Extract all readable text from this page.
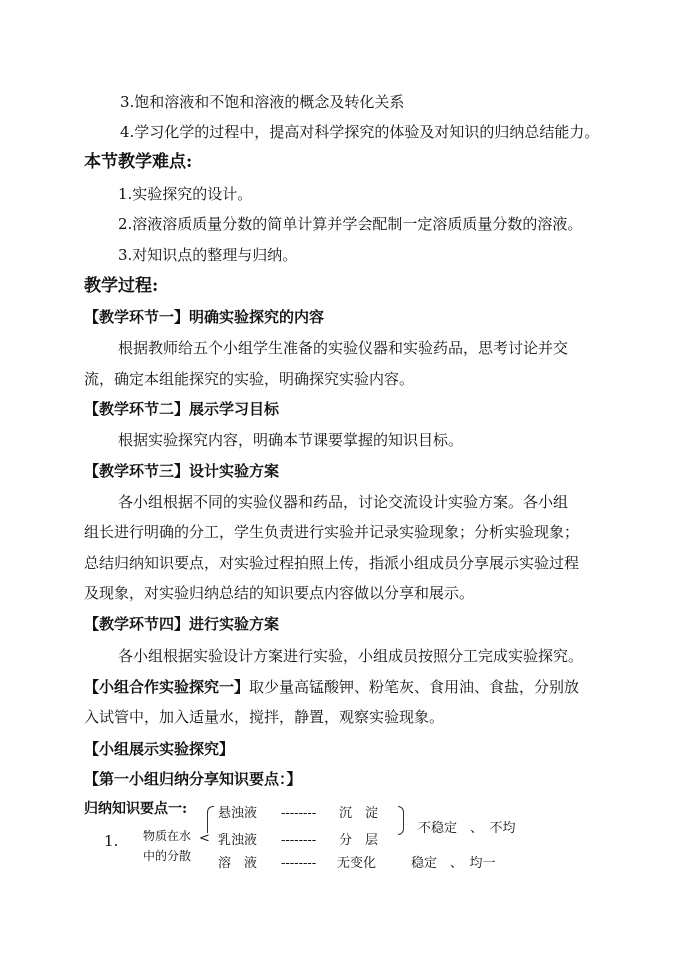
3.饱和溶液和不饱和溶液的概念及转化关系
4.学习化学的过程中，提高对科学探究的体验及对知识的归纳总结能力。
本节教学难点:
1.实验探究的设计。
2.溶液溶质质量分数的简单计算并学会配制一定溶质质量分数的溶液。
3.对知识点的整理与归纳。
教学过程:
【教学环节一】明确实验探究的内容
根据教师给五个小组学生准备的实验仪器和实验药品，思考讨论并交
流，确定本组能探究的实验，明确探究实验内容。
【教学环节二】展示学习目标
根据实验探究内容，明确本节课要掌握的知识目标。
【教学环节三】设计实验方案
各小组根据不同的实验仪器和药品，讨论交流设计实验方案。各小组
组长进行明确的分工，学生负责进行实验并记录实验现象；分析实验现象；
总结归纳知识要点，对实验过程拍照上传，指派小组成员分享展示实验过程
及现象，对实验归纳总结的知识要点内容做以分享和展示。
【教学环节四】进行实验方案
各小组根据实验设计方案进行实验，小组成员按照分工完成实验探究。
【小组合作实验探究一】取少量高锰酸钾、粉笔灰、食用油、食盐，分别放
入试管中，加入适量水，搅拌，静置，观察实验现象。
【小组展示实验探究】
【第一小组归纳分享知识要点：】
归纳知识要点一:
1. 物质在水
中的分散
<
悬浊液 -------- 沉　淀
乳浊液 -------- 分　层
溶　液 -------- 无变化
不稳定　、　不均
稳定　、　均一
